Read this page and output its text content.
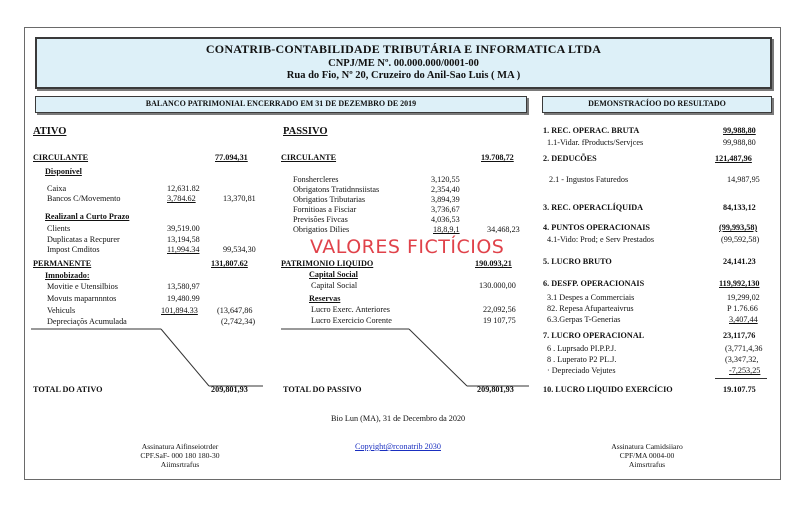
CONATRIB-CONTABILIDADE TRIBUTÁRIA E INFORMATICA LTDA
CNPJ/ME Nº. 00.000.000/0001-00
Rua do Fio, Nº 20, Cruzeiro do Anil-Sao Luis ( MA )
BALANCO PATRIMONIAL ENCERRADO EM 31 DE DEZEMBRO DE 2019	DEMONSTRACÍOO DO RESULTADO
ATIVO
CIRCULANTE	77.094,31
Disponível
Caixa	12,631.82
Bancos C/Movemento	3,784.62	13,370,81
Realizanl a Curto Prazo
Clients	39,519.00
Duplicatas a Recpurer	13,194,58
Impost Cmditos	11,994.34	99,534,30
PERMANENTE	131,807.62
Imnobizado:
Movitie e Utensilbios	13,580,97
Movuts maparnnntos	19,480.99
Vehiculs	101,894.33 (13,647,86
Depreciaçõs Acumulada	(2,742,34)
TOTAL DO ATIVO	209,801,93
PASSIVO
CIRCULANTE	19.708,72
Fonshercleres	3,120,55
Obrigatons Tratidnnsiistas	2,354,40
Obrigatios Tributarias	3,894,39
Fornitioas a Fisciar	3,736,67
Previsões Fivcas	4,036,53
Obrigatios Dilies	18,8,9,1	34,468,23
PATRIMONIO LIQUIDO	190.093,21
Capital Social
Capital Social	130.000,00
Reservas
Lucro Exerc. Anteriores	22,092,56
Lucro Exercicio Corente	19 107,75
TOTAL DO PASSIVO	209,801,93
1. REC. OPERAC. BRUTA	99,988,80
1.1-Vidar. fProducts/Servjces	99,988,80
2. DEDUCÕES	121,487,96
2.1 - Ingustos Faturedos	14,987,95
3. REC. OPERACLÍQUIDA	84,133,12
4. PUNTOS OPERACIONAIS	(99,993,58)
4.1-Vido: Prod; e Serv Prestados	(99,592,58)
5. LUCRO BRUTO	24,141.23
6. DESFP. OPERACIONAIS	119,992,130
3.1 Despes a Commerciais	19,299,02
82. Repesa Afuparteaivrus	P 1.76.66
6.3.Gerpas T-Generias	3,407,44
7. LUCRO OPERACIONAL	23,117,76
6 . Luprsado PI.P.P.J.	(3,771,4,36
8 . Luperato P2 PL.J.	(3,3¢7,32,
· Depreciado Vejutes	-7,253,25
10. LUCRO LIQUIDO EXERCÍCIO	19.107.75
Bio Lun (MA), 31 de Decembro da 2020
Assinatura Aifinseiotrder
CPF.SaF- 000 180 180-30
Aiimsrtrafus
Copyight@rconatrib 2030	Assinatura Camidsiiaro
CPF/MA 0004-00
Aimsrtrafus
VALORES FICTÍCIOS
